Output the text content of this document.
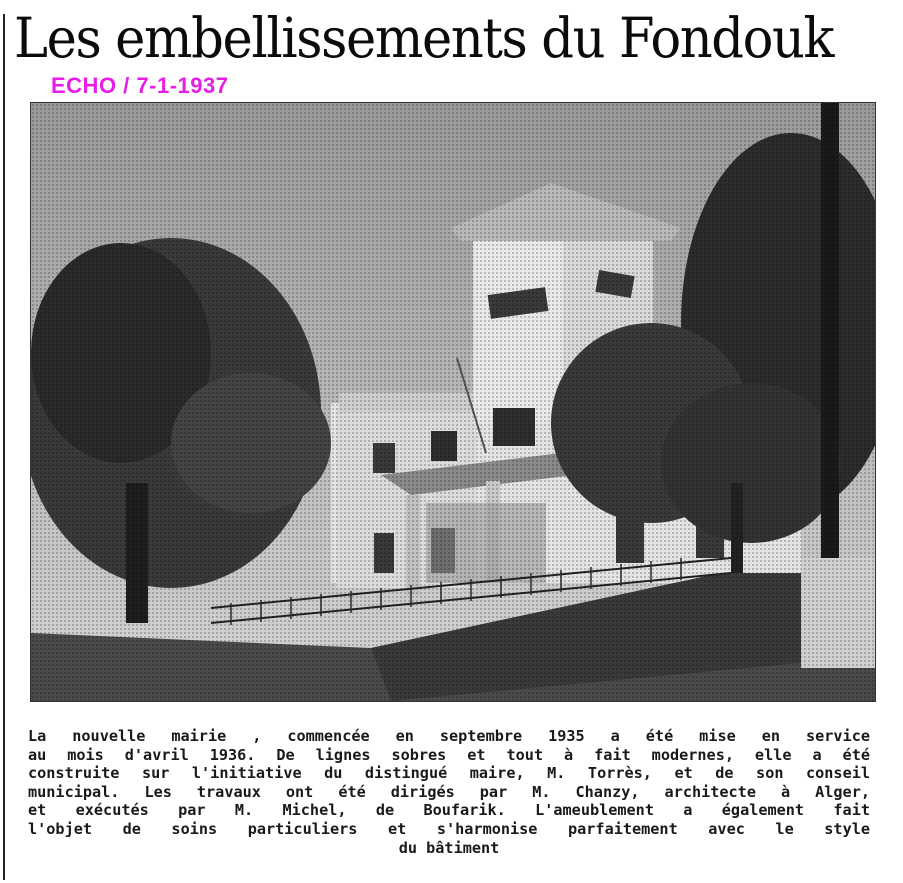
Les embellissements du Fondouk
ECHO / 7-1-1937
La nouvelle mairie , commencée en septembre 1935 a été mise en service
au mois d'avril 1936. De lignes sobres et tout à fait modernes, elle a été
construite sur l'initiative du distingué maire, M. Torrès, et de son conseil
municipal. Les travaux ont été dirigés par M. Chanzy, architecte à Alger,
et exécutés par M. Michel, de Boufarik. L'ameublement a également fait
l'objet de soins particuliers et s'harmonise parfaitement avec le style
du bâtiment
